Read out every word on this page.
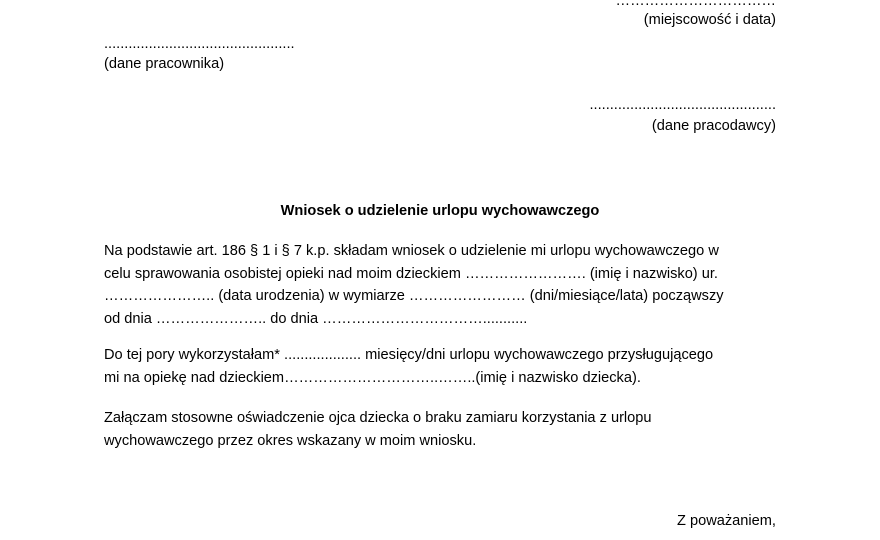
……………………………
(miejscowość i data)
...............................................
(dane pracownika)
..............................................
(dane pracodawcy)
Wniosek o udzielenie urlopu wychowawczego
Na podstawie art. 186 § 1 i § 7 k.p. składam wniosek o udzielenie mi urlopu wychowawczego w
celu sprawowania osobistej opieki nad moim dzieckiem ……………………. (imię i nazwisko) ur.
………………….. (data urodzenia) w wymiarze …………………… (dni/miesiące/lata) począwszy
od dnia ………………….. do dnia ……………………………...........
Do tej pory wykorzystałam* ................... miesięcy/dni urlopu wychowawczego przysługującego
mi na opiekę nad dzieckiem…………………………..……..(imię i nazwisko dziecka).
Załączam stosowne oświadczenie ojca dziecka o braku zamiaru korzystania z urlopu
wychowawczego przez okres wskazany w moim wniosku.
Z poważaniem,
